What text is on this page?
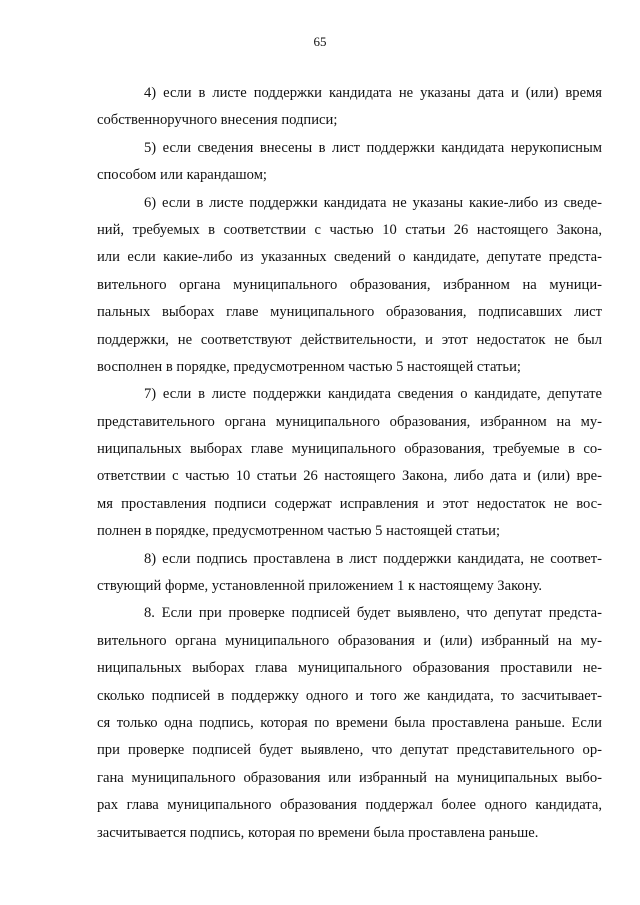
65
4) если в листе поддержки кандидата не указаны дата и (или) время
собственноручного внесения подписи;
5) если сведения внесены в лист поддержки кандидата нерукописным
способом или карандашом;
6) если в листе поддержки кандидата не указаны какие-либо из сведе-
ний, требуемых в соответствии с частью 10 статьи 26 настоящего Закона,
или если какие-либо из указанных сведений о кандидате, депутате предста-
вительного органа муниципального образования, избранном на муници-
пальных выборах главе муниципального образования, подписавших лист
поддержки, не соответствуют действительности, и этот недостаток не был
восполнен в порядке, предусмотренном частью 5 настоящей статьи;
7) если в листе поддержки кандидата сведения о кандидате, депутате
представительного органа муниципального образования, избранном на му-
ниципальных выборах главе муниципального образования, требуемые в со-
ответствии с частью 10 статьи 26 настоящего Закона, либо дата и (или) вре-
мя проставления подписи содержат исправления и этот недостаток не вос-
полнен в порядке, предусмотренном частью 5 настоящей статьи;
8) если подпись проставлена в лист поддержки кандидата, не соответ-
ствующий форме, установленной приложением 1 к настоящему Закону.
8. Если при проверке подписей будет выявлено, что депутат предста-
вительного органа муниципального образования и (или) избранный на му-
ниципальных выборах глава муниципального образования проставили не-
сколько подписей в поддержку одного и того же кандидата, то засчитывает-
ся только одна подпись, которая по времени была проставлена раньше. Если
при проверке подписей будет выявлено, что депутат представительного ор-
гана муниципального образования или избранный на муниципальных выбо-
рах глава муниципального образования поддержал более одного кандидата,
засчитывается подпись, которая по времени была проставлена раньше.
